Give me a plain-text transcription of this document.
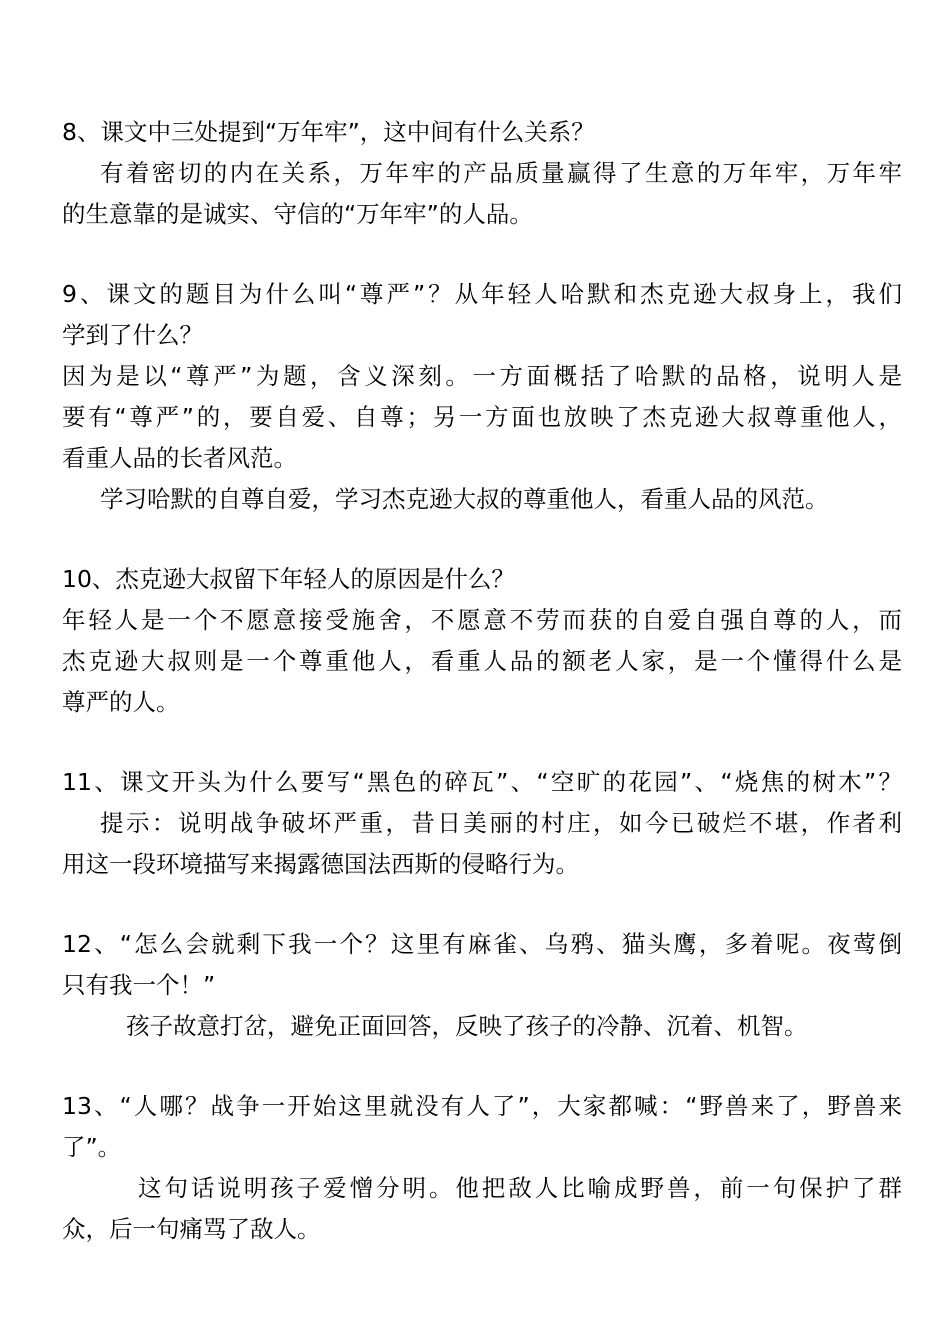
8、课文中三处提到“万年牢”，这中间有什么关系？
有着密切的内在关系，万年牢的产品质量赢得了生意的万年牢，万年牢
的生意靠的是诚实、守信的“万年牢”的人品。
9、课文的题目为什么叫“尊严”？从年轻人哈默和杰克逊大叔身上，我们
学到了什么？
因为是以“尊严”为题，含义深刻。一方面概括了哈默的品格，说明人是
要有“尊严”的，要自爱、自尊；另一方面也放映了杰克逊大叔尊重他人，
看重人品的长者风范。
学习哈默的自尊自爱，学习杰克逊大叔的尊重他人，看重人品的风范。
10、杰克逊大叔留下年轻人的原因是什么？
年轻人是一个不愿意接受施舍，不愿意不劳而获的自爱自强自尊的人，而
杰克逊大叔则是一个尊重他人，看重人品的额老人家，是一个懂得什么是
尊严的人。
11、课文开头为什么要写“黑色的碎瓦”、“空旷的花园”、“烧焦的树木”？
提示：说明战争破坏严重，昔日美丽的村庄，如今已破烂不堪，作者利
用这一段环境描写来揭露德国法西斯的侵略行为。
12、“怎么会就剩下我一个？这里有麻雀、乌鸦、猫头鹰，多着呢。夜莺倒
只有我一个！”
孩子故意打岔，避免正面回答，反映了孩子的冷静、沉着、机智。
13、“人哪？战争一开始这里就没有人了”，大家都喊：“野兽来了，野兽来
了”。
这句话说明孩子爱憎分明。他把敌人比喻成野兽，前一句保护了群
众，后一句痛骂了敌人。
